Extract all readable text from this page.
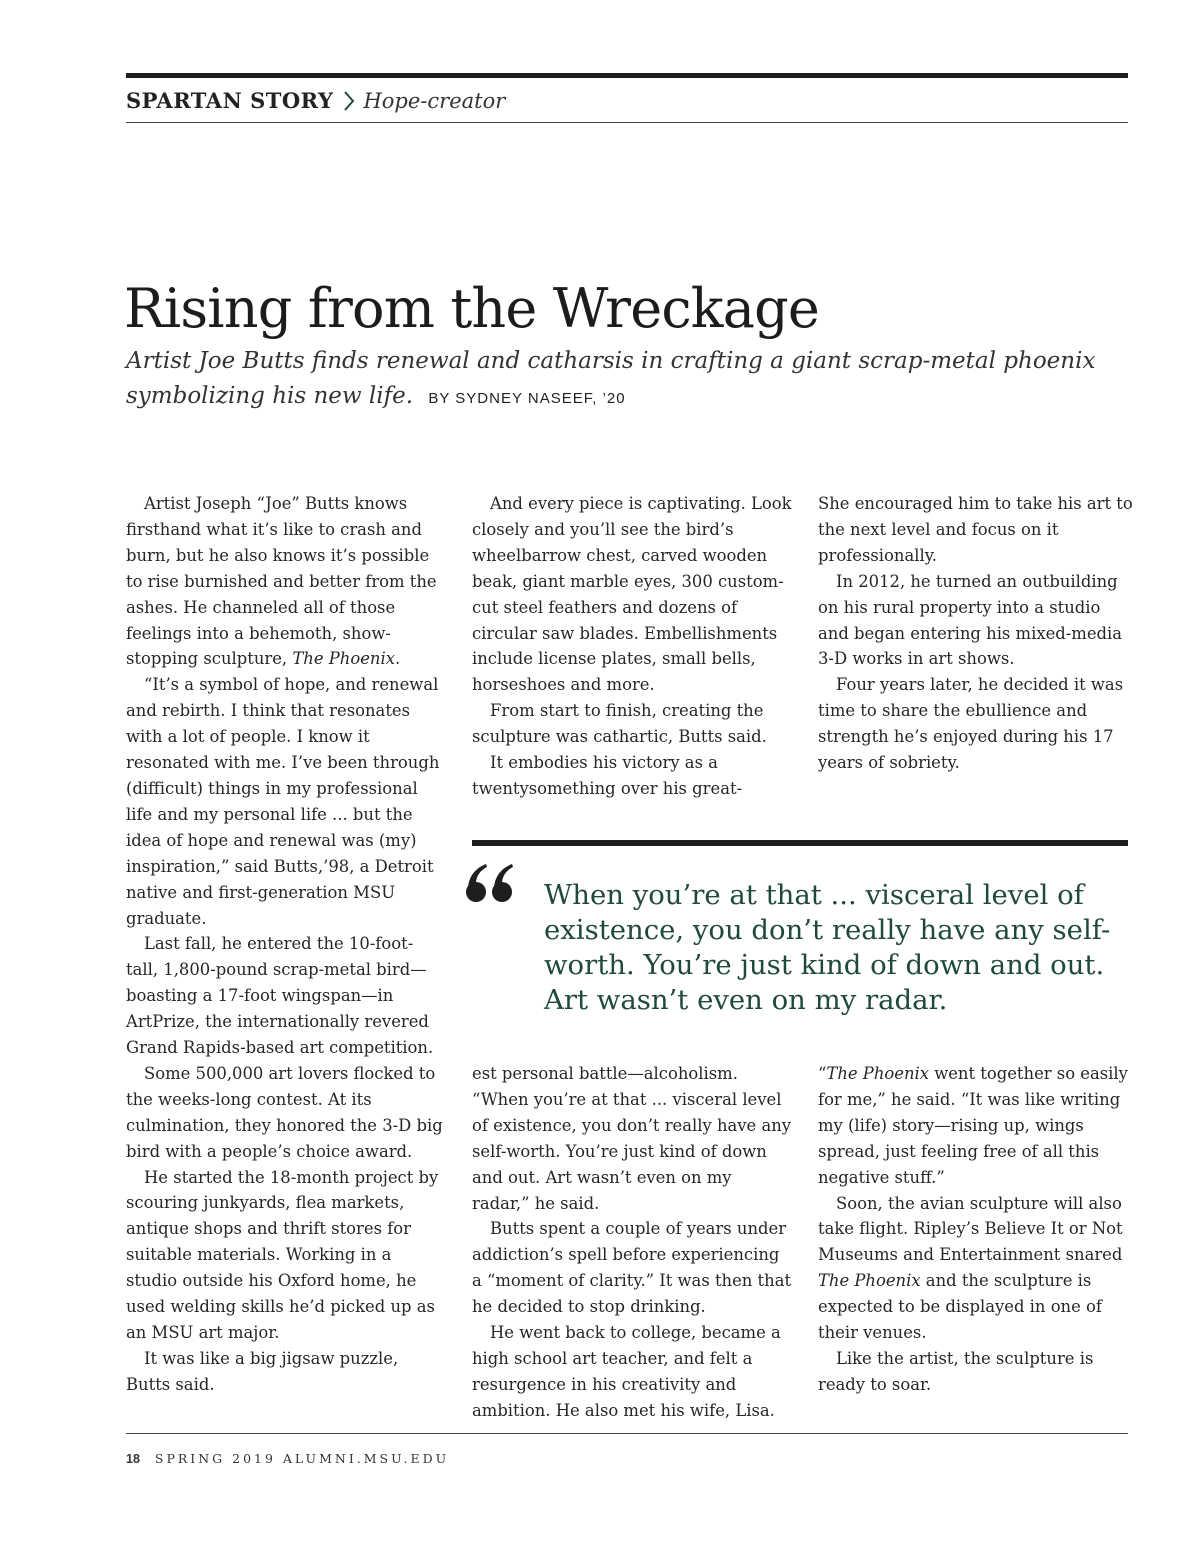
SPARTAN STORY Hope-creator
Rising from the Wreckage
Artist Joe Butts finds renewal and catharsis in crafting a giant scrap-metal phoenix symbolizing his new life. BY SYDNEY NASEEF, ’20

Artist Joseph “Joe” Butts knows firsthand what it’s like to crash and burn, but he also knows it’s possible to rise burnished and better from the ashes. He channeled all of those feelings into a behemoth, show-stopping sculpture, The Phoenix.

“It’s a symbol of hope, and renewal and rebirth. I think that resonates with a lot of people. I know it resonated with me. I’ve been through (difficult) things in my professional life and my personal life ... but the idea of hope and renewal was (my) inspiration,” said Butts,’98, a Detroit native and first-generation MSU graduate.

Last fall, he entered the 10-foot-tall, 1,800-pound scrap-metal bird—boasting a 17-foot wingspan—in ArtPrize, the internationally revered Grand Rapids-based art competition.

Some 500,000 art lovers flocked to the weeks-long contest. At its culmination, they honored the 3-D big bird with a people’s choice award.

He started the 18-month project by scouring junkyards, flea markets, antique shops and thrift stores for suitable materials. Working in a studio outside his Oxford home, he used welding skills he’d picked up as an MSU art major.

It was like a big jigsaw puzzle, Butts said.

And every piece is captivating. Look closely and you’ll see the bird’s wheelbarrow chest, carved wooden beak, giant marble eyes, 300 custom-cut steel feathers and dozens of circular saw blades. Embellishments include license plates, small bells, horseshoes and more.

From start to finish, creating the sculpture was cathartic, Butts said.

It embodies his victory as a twentysomething over his great-

She encouraged him to take his art to the next level and focus on it professionally.

In 2012, he turned an outbuilding on his rural property into a studio and began entering his mixed-media 3-D works in art shows.

Four years later, he decided it was time to share the ebullience and strength he’s enjoyed during his 17 years of sobriety.

When you’re at that ... visceral level of existence, you don’t really have any self-worth. You’re just kind of down and out. Art wasn’t even on my radar.

est personal battle—alcoholism. “When you’re at that ... visceral level of existence, you don’t really have any self-worth. You’re just kind of down and out. Art wasn’t even on my radar,” he said.

Butts spent a couple of years under addiction’s spell before experiencing a “moment of clarity.” It was then that he decided to stop drinking.

He went back to college, became a high school art teacher, and felt a resurgence in his creativity and ambition. He also met his wife, Lisa.

“The Phoenix went together so easily for me,” he said. “It was like writing my (life) story—rising up, wings spread, just feeling free of all this negative stuff.”

Soon, the avian sculpture will also take flight. Ripley’s Believe It or Not Museums and Entertainment snared The Phoenix and the sculpture is expected to be displayed in one of their venues.

Like the artist, the sculpture is ready to soar.

18 SPRING 2019 ALUMNI.MSU.EDU
